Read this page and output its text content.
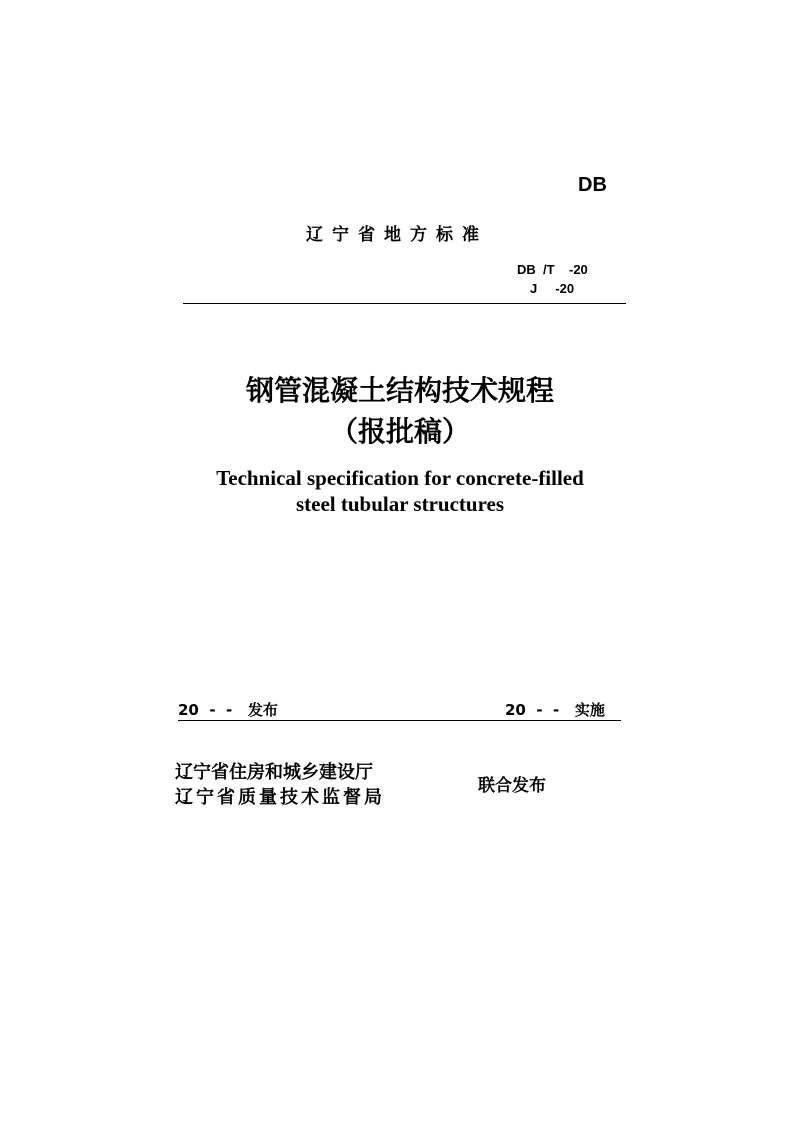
DB
辽宁省地方标准
DB  /T    -20
J     -20
钢管混凝土结构技术规程
（报批稿）
Technical specification for concrete-filled
steel tubular structures
20  -  -   发布	20  -  -   实施
辽宁省住房和城乡建设厅
辽宁省质量技术监督局
联合发布
